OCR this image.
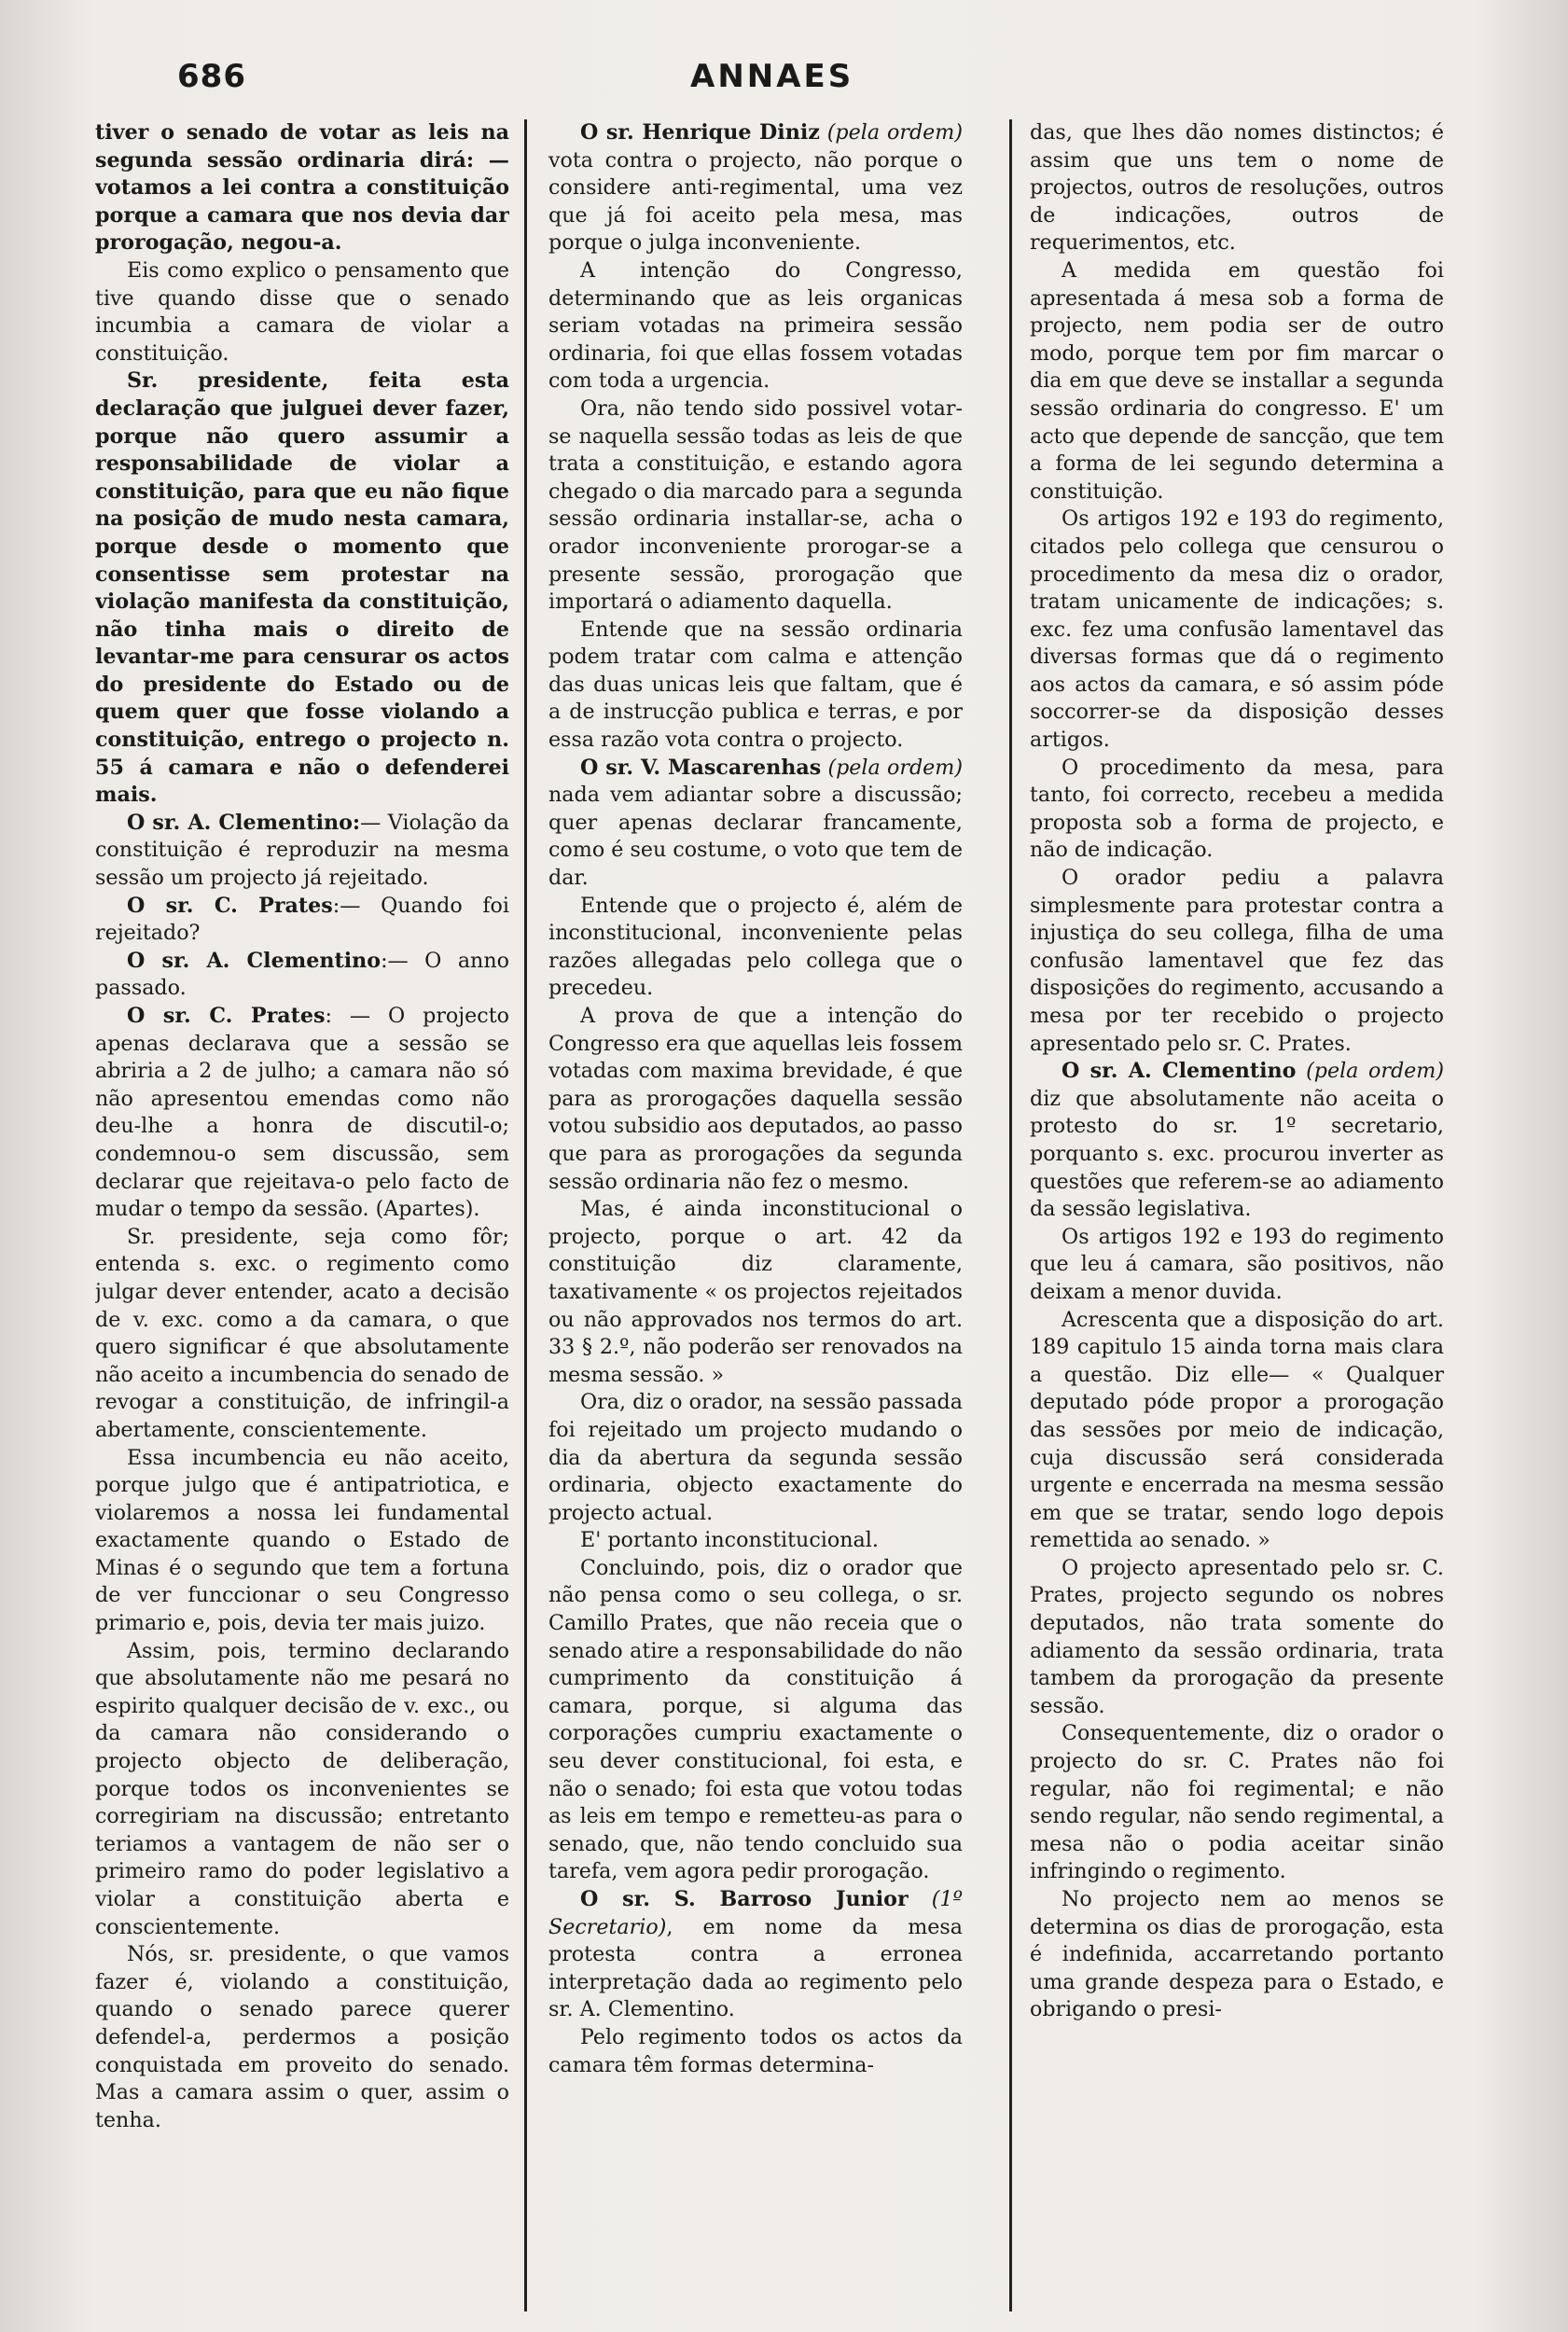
686	ANNAES

tiver o senado de votar as leis na segunda sessão ordinaria dirá: — votamos a lei contra a constituição porque a camara que nos devia dar prorogação, negou-a.

Eis como explico o pensamento que tive quando disse que o senado incumbia a camara de violar a constituição.

Sr. presidente, feita esta declaração que julguei dever fazer, porque não quero assumir a responsabilidade de violar a constituição, para que eu não fique na posição de mudo nesta camara, porque desde o momento que consentisse sem protestar na violação manifesta da constituição, não tinha mais o direito de levantar-me para censurar os actos do presidente do Estado ou de quem quer que fosse violando a constituição, entrego o projecto n. 55 á camara e não o defenderei mais.

O sr. A. Clementino:— Violação da constituição é reproduzir na mesma sessão um projecto já rejeitado.

O sr. C. Prates:— Quando foi rejeitado?

O sr. A. Clementino:— O anno passado.

O sr. C. Prates: — O projecto apenas declarava que a sessão se abriria a 2 de julho; a camara não só não apresentou emendas como não deu-lhe a honra de discutil-o; condemnou-o sem discussão, sem declarar que rejeitava-o pelo facto de mudar o tempo da sessão. (Apartes).

Sr. presidente, seja como fôr; entenda s. exc. o regimento como julgar dever entender, acato a decisão de v. exc. como a da camara, o que quero significar é que absolutamente não aceito a incumbencia do senado de revogar a constituição, de infringil-a abertamente, conscientemente.

Essa incumbencia eu não aceito, porque julgo que é antipatriotica, e violaremos a nossa lei fundamental exactamente quando o Estado de Minas é o segundo que tem a fortuna de ver funccionar o seu Congresso primario e, pois, devia ter mais juizo.

Assim, pois, termino declarando que absolutamente não me pesará no espirito qualquer decisão de v. exc., ou da camara não considerando o projecto objecto de deliberação, porque todos os inconvenientes se corregiriam na discussão; entretanto teriamos a vantagem de não ser o primeiro ramo do poder legislativo a violar a constituição aberta e conscientemente.

Nós, sr. presidente, o que vamos fazer é, violando a constituição, quando o senado parece querer defendel-a, perdermos a posição conquistada em proveito do senado. Mas a camara assim o quer, assim o tenha.

O sr. Henrique Diniz (pela ordem) vota contra o projecto, não porque o considere anti-regimental, uma vez que já foi aceito pela mesa, mas porque o julga inconveniente.

A intenção do Congresso, determinando que as leis organicas seriam votadas na primeira sessão ordinaria, foi que ellas fossem votadas com toda a urgencia.

Ora, não tendo sido possivel votar-se naquella sessão todas as leis de que trata a constituição, e estando agora chegado o dia marcado para a segunda sessão ordinaria installar-se, acha o orador inconveniente prorogar-se a presente sessão, prorogação que importará o adiamento daquella.

Entende que na sessão ordinaria podem tratar com calma e attenção das duas unicas leis que faltam, que é a de instrucção publica e terras, e por essa razão vota contra o projecto.

O sr. V. Mascarenhas (pela ordem) nada vem adiantar sobre a discussão; quer apenas declarar francamente, como é seu costume, o voto que tem de dar.

Entende que o projecto é, além de inconstitucional, inconveniente pelas razões allegadas pelo collega que o precedeu.

A prova de que a intenção do Congresso era que aquellas leis fossem votadas com maxima brevidade, é que para as prorogações daquella sessão votou subsidio aos deputados, ao passo que para as prorogações da segunda sessão ordinaria não fez o mesmo.

Mas, é ainda inconstitucional o projecto, porque o art. 42 da constituição diz claramente, taxativamente « os projectos rejeitados ou não approvados nos termos do art. 33 § 2.º, não poderão ser renovados na mesma sessão. »

Ora, diz o orador, na sessão passada foi rejeitado um projecto mudando o dia da abertura da segunda sessão ordinaria, objecto exactamente do projecto actual.

E' portanto inconstitucional.

Concluindo, pois, diz o orador que não pensa como o seu collega, o sr. Camillo Prates, que não receia que o senado atire a responsabilidade do não cumprimento da constituição á camara, porque, si alguma das corporações cumpriu exactamente o seu dever constitucional, foi esta, e não o senado; foi esta que votou todas as leis em tempo e remetteu-as para o senado, que, não tendo concluido sua tarefa, vem agora pedir prorogação.

O sr. S. Barroso Junior (1º Secretario), em nome da mesa protesta contra a erronea interpretação dada ao regimento pelo sr. A. Clementino.

Pelo regimento todos os actos da camara têm formas determina-

das, que lhes dão nomes distinctos; é assim que uns tem o nome de projectos, outros de resoluções, outros de indicações, outros de requerimentos, etc.

A medida em questão foi apresentada á mesa sob a forma de projecto, nem podia ser de outro modo, porque tem por fim marcar o dia em que deve se installar a segunda sessão ordinaria do congresso. E' um acto que depende de sancção, que tem a forma de lei segundo determina a constituição.

Os artigos 192 e 193 do regimento, citados pelo collega que censurou o procedimento da mesa diz o orador, tratam unicamente de indicações; s. exc. fez uma confusão lamentavel das diversas formas que dá o regimento aos actos da camara, e só assim póde soccorrer-se da disposição desses artigos.

O procedimento da mesa, para tanto, foi correcto, recebeu a medida proposta sob a forma de projecto, e não de indicação.

O orador pediu a palavra simplesmente para protestar contra a injustiça do seu collega, filha de uma confusão lamentavel que fez das disposições do regimento, accusando a mesa por ter recebido o projecto apresentado pelo sr. C. Prates.

O sr. A. Clementino (pela ordem) diz que absolutamente não aceita o protesto do sr. 1º secretario, porquanto s. exc. procurou inverter as questões que referem-se ao adiamento da sessão legislativa.

Os artigos 192 e 193 do regimento que leu á camara, são positivos, não deixam a menor duvida.

Acrescenta que a disposição do art. 189 capitulo 15 ainda torna mais clara a questão. Diz elle— « Qualquer deputado póde propor a prorogação das sessões por meio de indicação, cuja discussão será considerada urgente e encerrada na mesma sessão em que se tratar, sendo logo depois remettida ao senado. »

O projecto apresentado pelo sr. C. Prates, projecto segundo os nobres deputados, não trata somente do adiamento da sessão ordinaria, trata tambem da prorogação da presente sessão.

Consequentemente, diz o orador o projecto do sr. C. Prates não foi regular, não foi regimental; e não sendo regular, não sendo regimental, a mesa não o podia aceitar sinão infringindo o regimento.

No projecto nem ao menos se determina os dias de prorogação, esta é indefinida, accarretando portanto uma grande despeza para o Estado, e obrigando o presi-
